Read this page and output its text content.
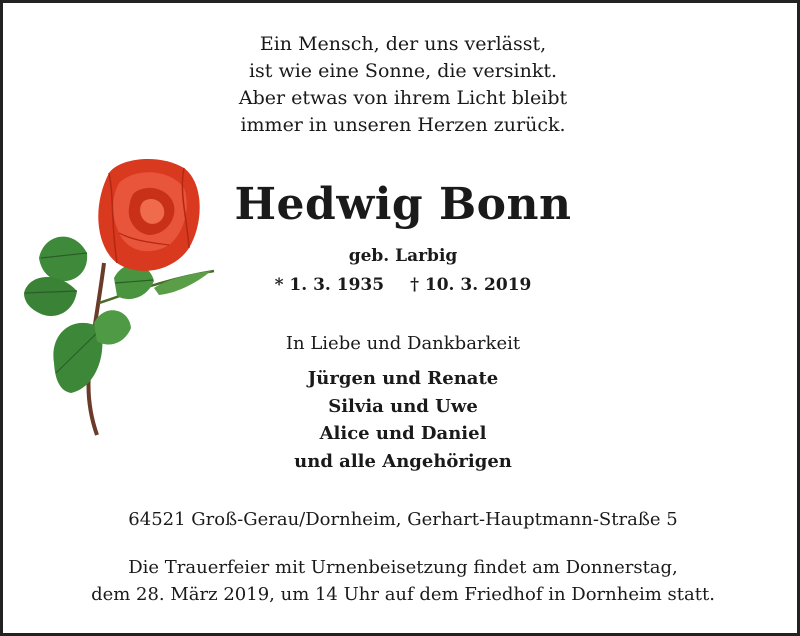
Ein Mensch, der uns verlässt,
ist wie eine Sonne, die versinkt.
Aber etwas von ihrem Licht bleibt
immer in unseren Herzen zurück.
Hedwig Bonn
geb. Larbig
* 1. 3. 1935 † 10. 3. 2019
In Liebe und Dankbarkeit
Jürgen und Renate
Silvia und Uwe
Alice und Daniel
und alle Angehörigen
64521 Groß-Gerau/Dornheim, Gerhart-Hauptmann-Straße 5
Die Trauerfeier mit Urnenbeisetzung findet am Donnerstag,
dem 28. März 2019, um 14 Uhr auf dem Friedhof in Dornheim statt.
